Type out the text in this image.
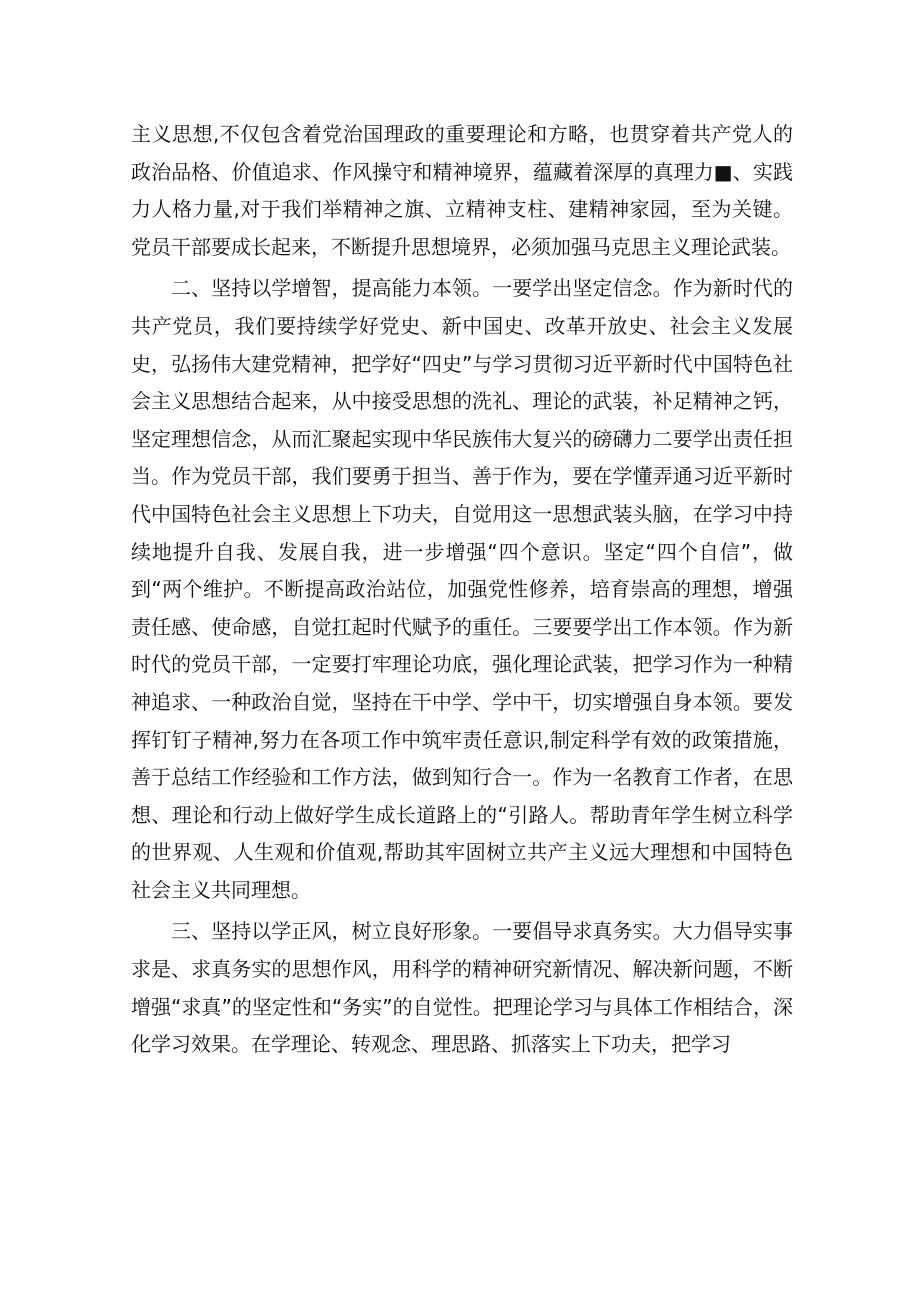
主义思想,不仅包含着党治国理政的重要理论和方略，也贯穿着共产党人的政治品格、价值追求、作风操守和精神境界，蕴藏着深厚的真理力■、实践力人格力量,对于我们举精神之旗、立精神支柱、建精神家园，至为关键。党员干部要成长起来，不断提升思想境界，必须加强马克思主义理论武装。

二、坚持以学增智，提高能力本领。一要学出坚定信念。作为新时代的共产党员，我们要持续学好党史、新中国史、改革开放史、社会主义发展史，弘扬伟大建党精神，把学好“四史”与学习贯彻习近平新时代中国特色社会主义思想结合起来，从中接受思想的洗礼、理论的武装，补足精神之钙，坚定理想信念，从而汇聚起实现中华民族伟大复兴的磅礴力二要学出责任担当。作为党员干部，我们要勇于担当、善于作为，要在学懂弄通习近平新时代中国特色社会主义思想上下功夫，自觉用这一思想武装头脑，在学习中持续地提升自我、发展自我，进一步增强“四个意识。坚定“四个自信”，做到“两个维护。不断提高政治站位，加强党性修养，培育崇高的理想，增强责任感、使命感，自觉扛起时代赋予的重任。三要要学出工作本领。作为新时代的党员干部，一定要打牢理论功底，强化理论武装，把学习作为一种精神追求、一种政治自觉，坚持在干中学、学中干，切实增强自身本领。要发挥钉钉子精神,努力在各项工作中筑牢责任意识,制定科学有效的政策措施，善于总结工作经验和工作方法，做到知行合一。作为一名教育工作者，在思想、理论和行动上做好学生成长道路上的“引路人。帮助青年学生树立科学的世界观、人生观和价值观,帮助其牢固树立共产主义远大理想和中国特色社会主义共同理想。

三、坚持以学正风，树立良好形象。一要倡导求真务实。大力倡导实事求是、求真务实的思想作风，用科学的精神研究新情况、解决新问题，不断增强“求真”的坚定性和“务实”的自觉性。把理论学习与具体工作相结合，深化学习效果。在学理论、转观念、理思路、抓落实上下功夫，把学习
